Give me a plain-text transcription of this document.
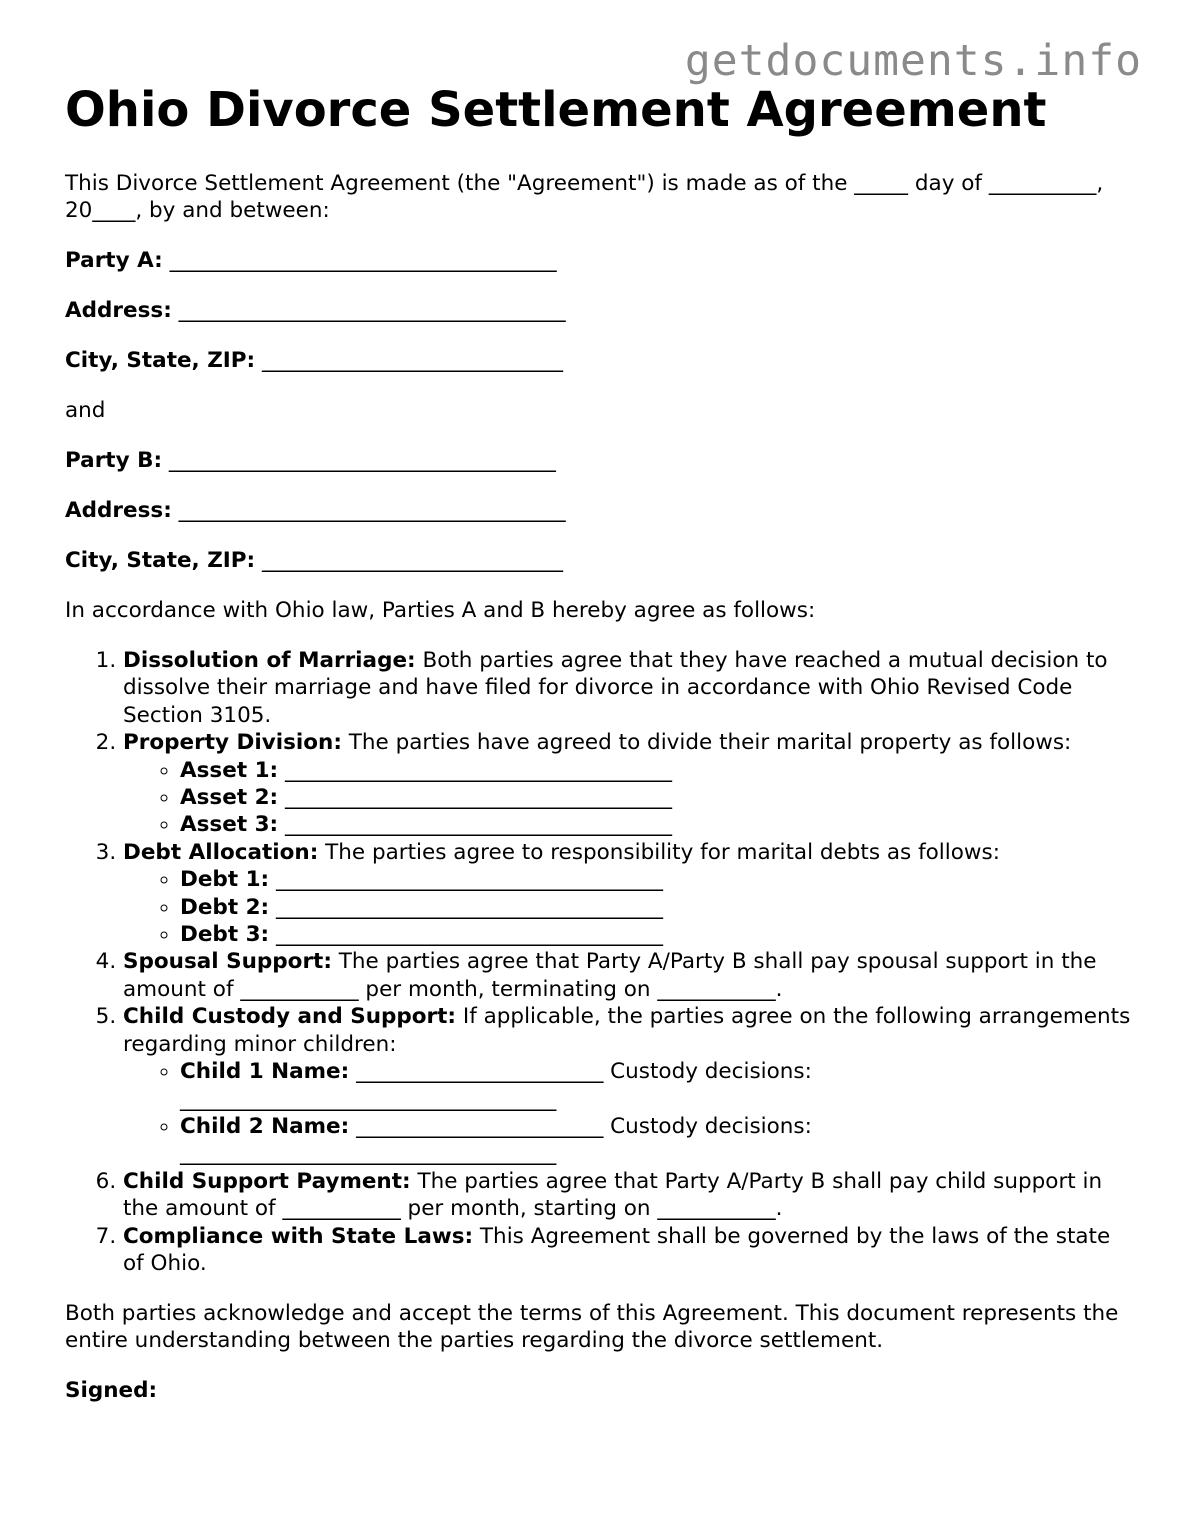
getdocuments.info
Ohio Divorce Settlement Agreement
This Divorce Settlement Agreement (the "Agreement") is made as of the _____ day of __________, 20____, by and between:
Party A: ____________________________________
Address: ____________________________________
City, State, ZIP: ____________________________
and
Party B: ____________________________________
Address: ____________________________________
City, State, ZIP: ____________________________
In accordance with Ohio law, Parties A and B hereby agree as follows:
1. Dissolution of Marriage: Both parties agree that they have reached a mutual decision to dissolve their marriage and have filed for divorce in accordance with Ohio Revised Code Section 3105.
2. Property Division: The parties have agreed to divide their marital property as follows:
◦ Asset 1: ____________________________________
◦ Asset 2: ____________________________________
◦ Asset 3: ____________________________________
3. Debt Allocation: The parties agree to responsibility for marital debts as follows:
◦ Debt 1: ____________________________________
◦ Debt 2: ____________________________________
◦ Debt 3: ____________________________________
4. Spousal Support: The parties agree that Party A/Party B shall pay spousal support in the amount of ___________ per month, terminating on ___________.
5. Child Custody and Support: If applicable, the parties agree on the following arrangements regarding minor children:
◦ Child 1 Name: _______________________ Custody decisions: ___________________________________
◦ Child 2 Name: _______________________ Custody decisions: ___________________________________
6. Child Support Payment: The parties agree that Party A/Party B shall pay child support in the amount of ___________ per month, starting on ___________.
7. Compliance with State Laws: This Agreement shall be governed by the laws of the state of Ohio.
Both parties acknowledge and accept the terms of this Agreement. This document represents the entire understanding between the parties regarding the divorce settlement.
Signed:
